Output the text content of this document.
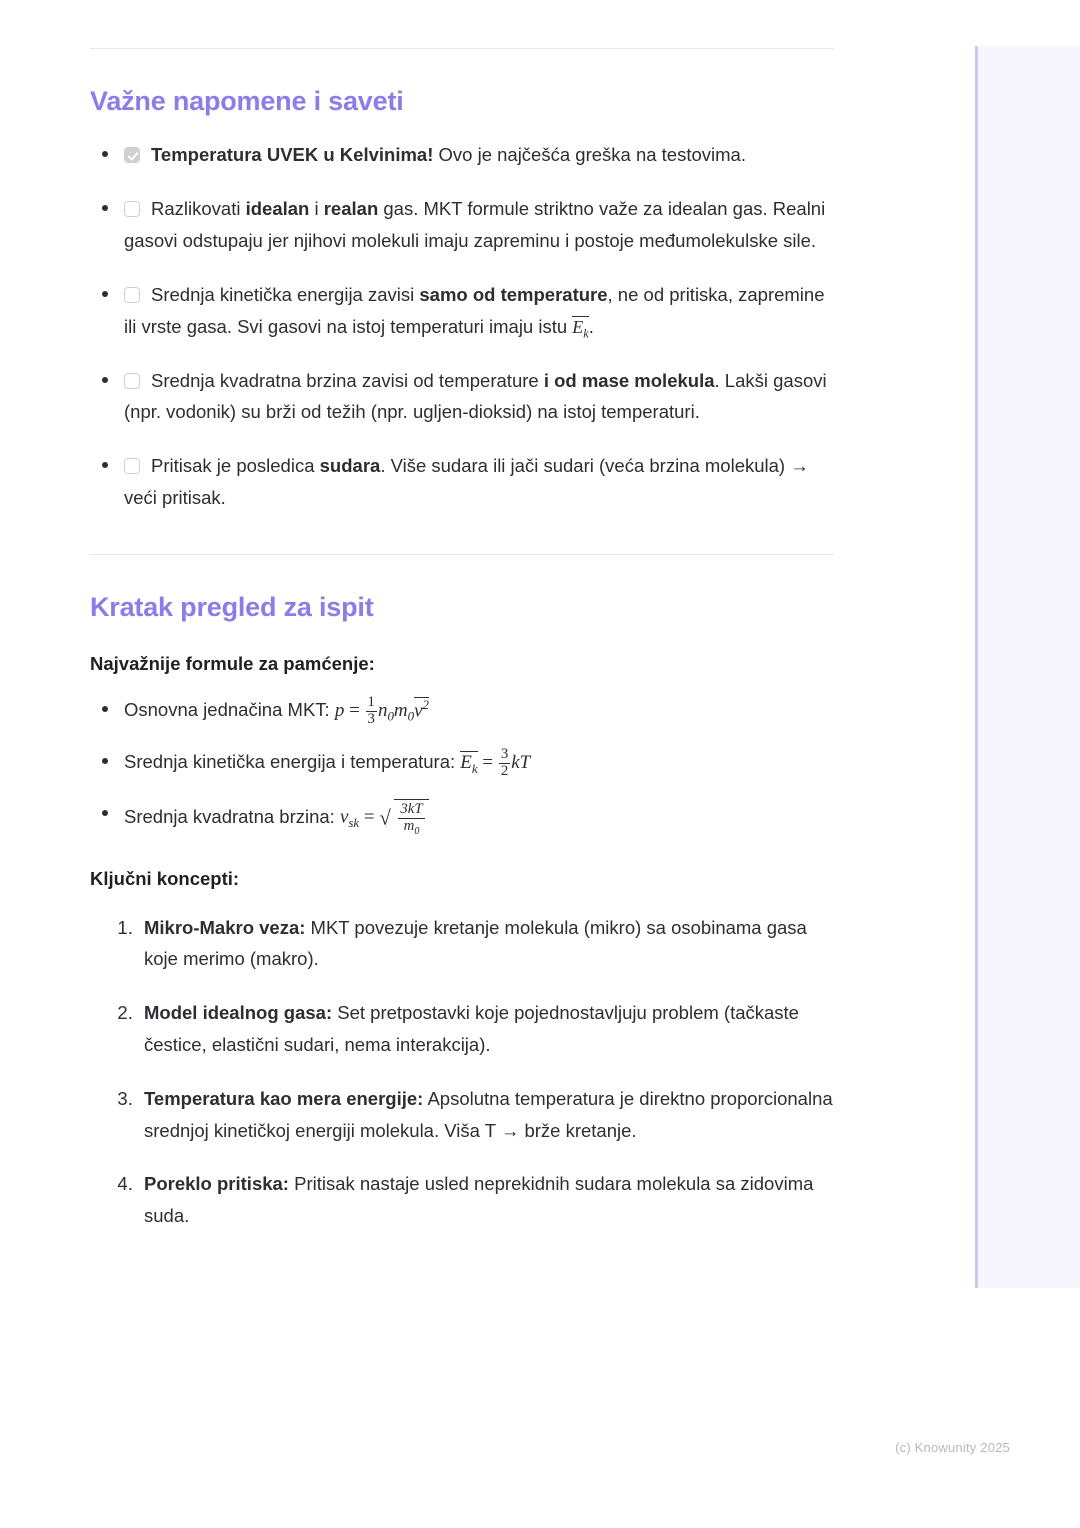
Važne napomene i saveti
Temperatura UVEK u Kelvinima! Ovo je najčešća greška na testovima.
Razlikovati idealan i realan gas. MKT formule striktno važe za idealan gas. Realni gasovi odstupaju jer njihovi molekuli imaju zapreminu i postoje međumolekulske sile.
Srednja kinetička energija zavisi samo od temperature, ne od pritiska, zapremine ili vrste gasa. Svi gasovi na istoj temperaturi imaju istu $E_k$.
Srednja kvadratna brzina zavisi od temperature i od mase molekula. Lakši gasovi (npr. vodonik) su brži od težih (npr. ugljen-dioksid) na istoj temperaturi.
Pritisak je posledica sudara. Više sudara ili jači sudari (veća brzina molekula) → veći pritisak.
Kratak pregled za ispit
Najvažnije formule za pamćenje:
Osnovna jednačina MKT: $p = \frac{1}{3} n_0m_0v^2$
Srednja kinetička energija i temperatura: $E_k = \frac{3}{2}$ kT
Srednja kvadratna brzina: $v_{sk}$ = √ $\frac{3kT}{m_0}$
Ključni koncepti:
1. Mikro-Makro veza: MKT povezuje kretanje molekula (mikro) sa osobinama gasa koje merimo (makro).
2. Model idealnog gasa: Set pretpostavki koje pojednostavljuju problem (tačkaste čestice, elastični sudari, nema interakcija).
3. Temperatura kao mera energije: Apsolutna temperatura je direktno proporcionalna srednjoj kinetičkoj energiji molekula. Viša T → brže kretanje.
4. Poreklo pritiska: Pritisak nastaje usled neprekidnih sudara molekula sa zidovima suda.
(c) Knowunity 2025
